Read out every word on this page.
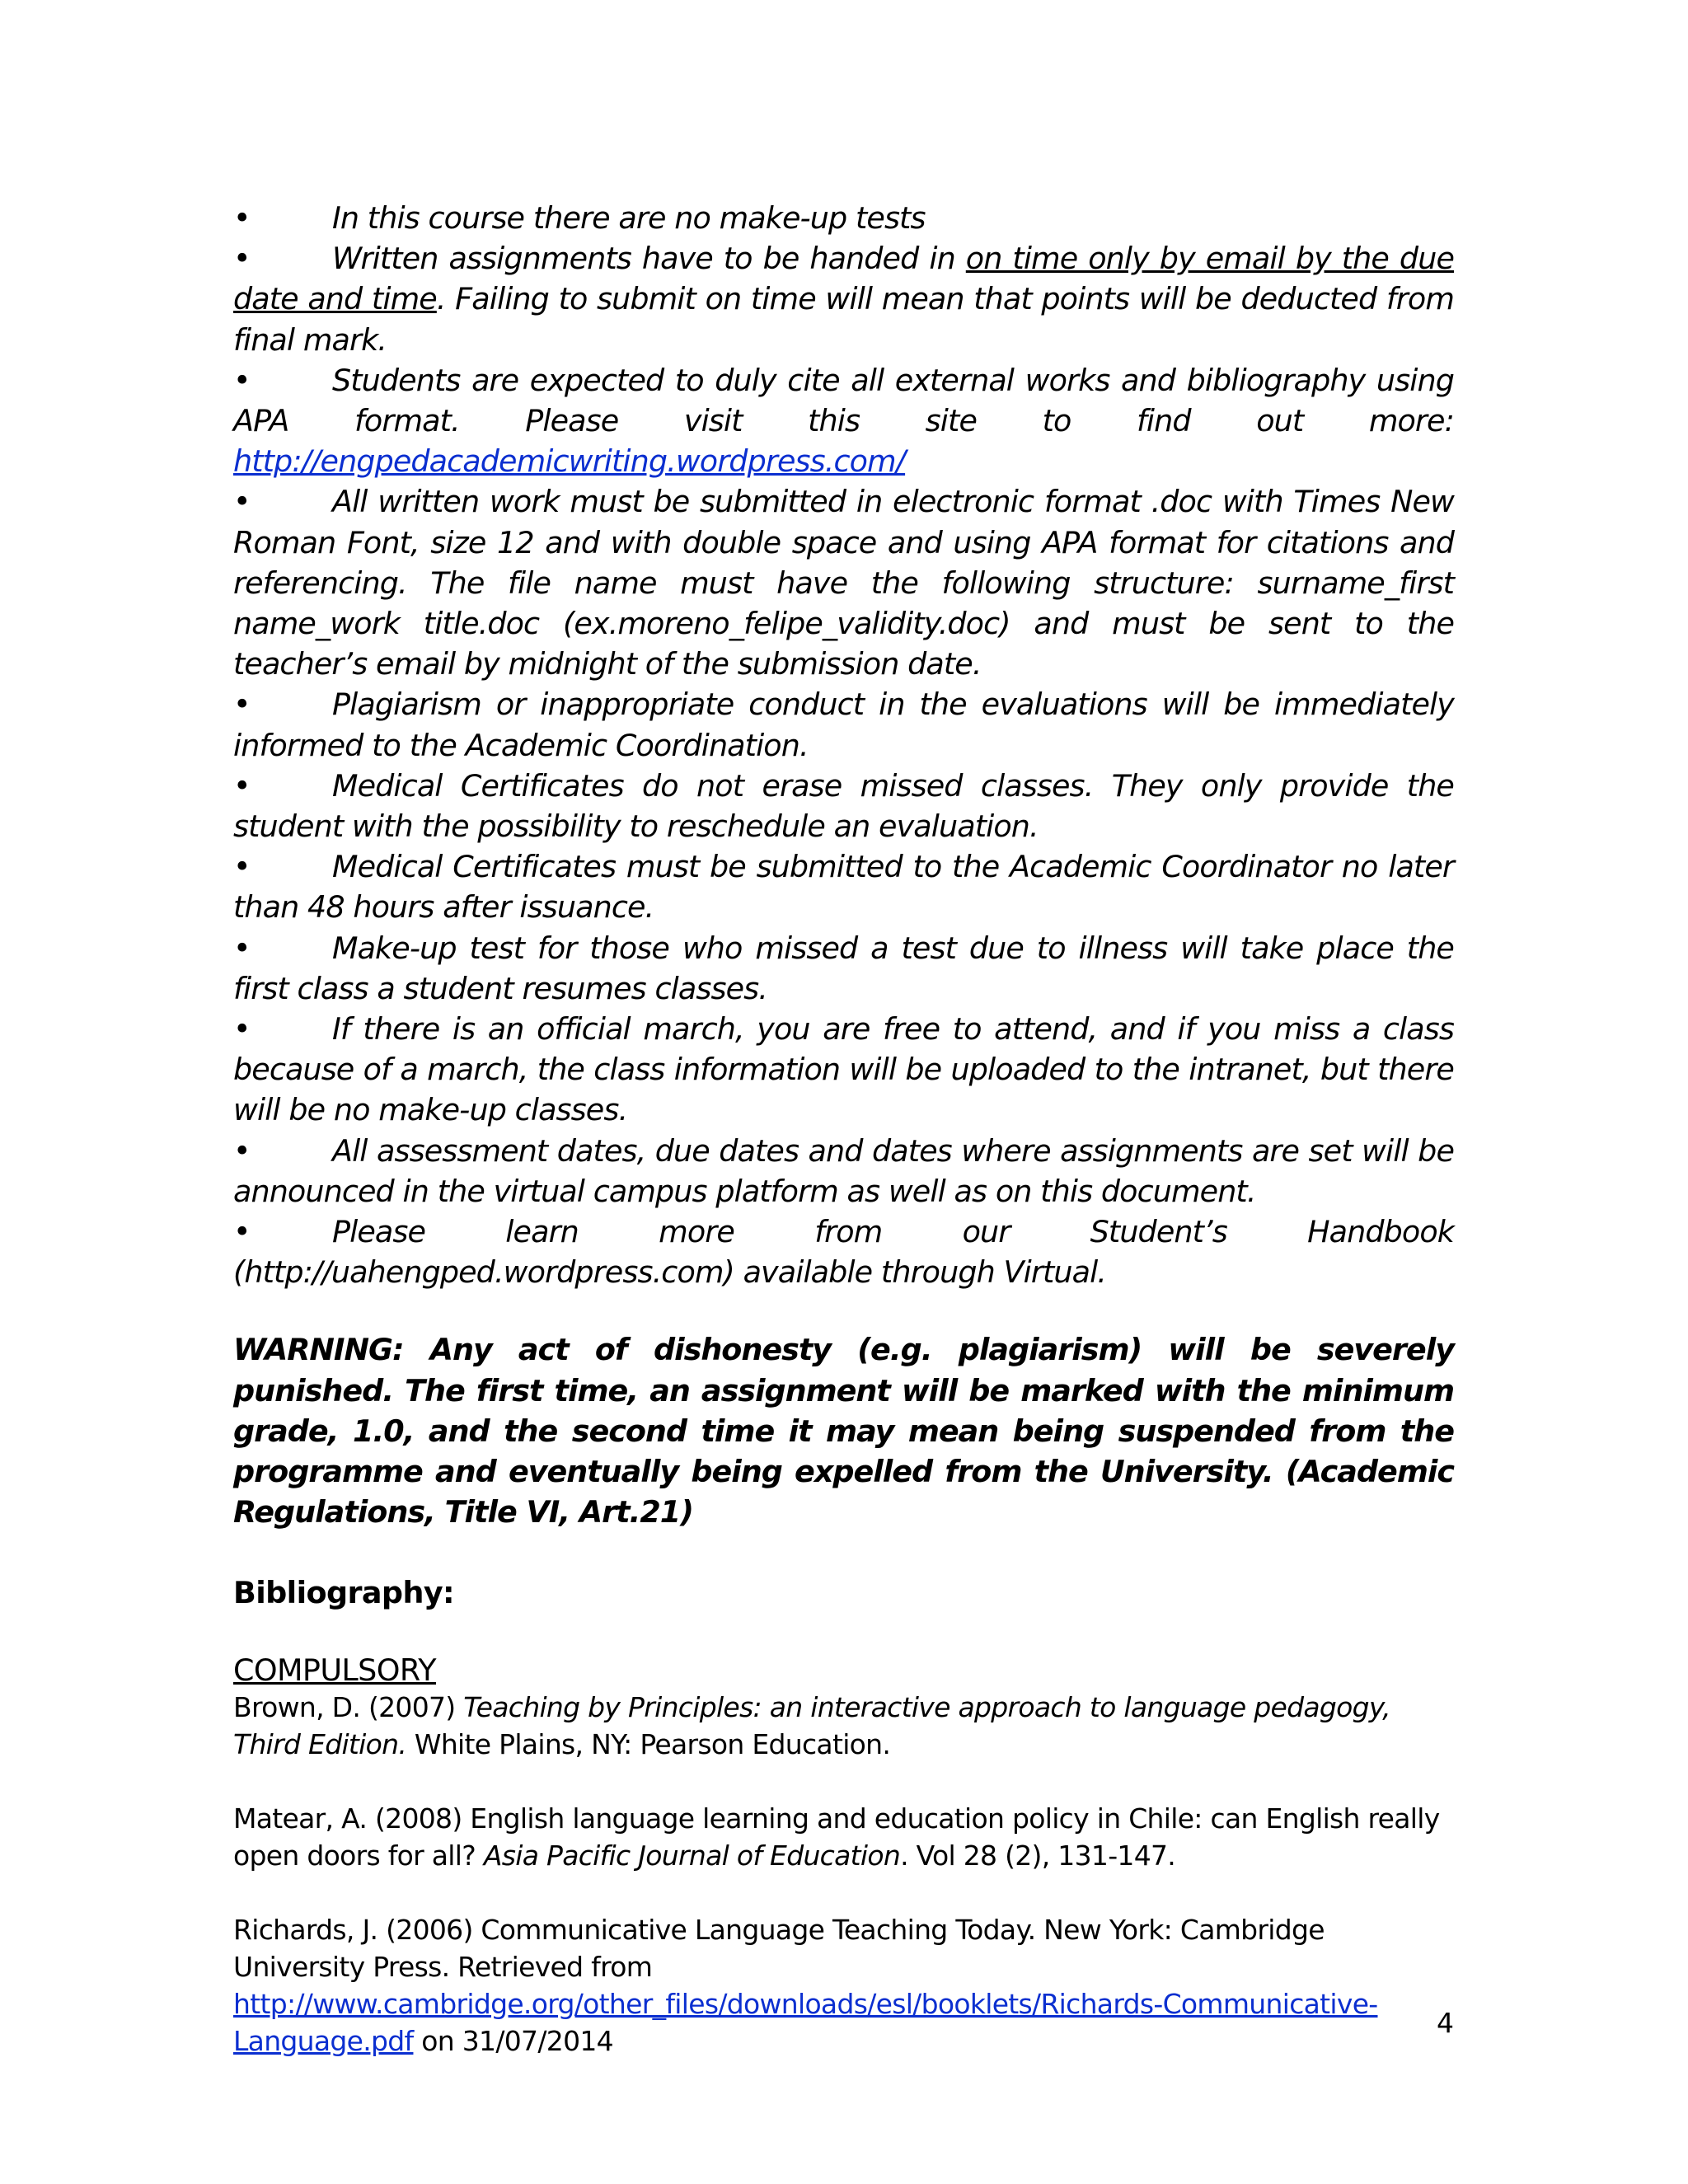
•	In this course there are no make-up tests

•	Written assignments have to be handed in on time only by email by the due date and time. Failing to submit on time will mean that points will be deducted from final mark.

•	Students are expected to duly cite all external works and bibliography using APA format. Please visit this site to find out more: http://engpedacademicwriting.wordpress.com/

•	All written work must be submitted in electronic format .doc with Times New Roman Font, size 12 and with double space and using APA format for citations and referencing. The file name must have the following structure: surname_first name_work title.doc (ex.moreno_felipe_validity.doc) and must be sent to the teacher’s email by midnight of the submission date.

•	Plagiarism or inappropriate conduct in the evaluations will be immediately informed to the Academic Coordination.

•	Medical Certificates do not erase missed classes. They only provide the student with the possibility to reschedule an evaluation.

•	Medical Certificates must be submitted to the Academic Coordinator no later than 48 hours after issuance.

•	Make-up test for those who missed a test due to illness will take place the first class a student resumes classes.

•	If there is an official march, you are free to attend, and if you miss a class because of a march, the class information will be uploaded to the intranet, but there will be no make-up classes.

•	All assessment dates, due dates and dates where assignments are set will be announced in the virtual campus platform as well as on this document.

•	Please learn more from our Student’s Handbook (http://uahengped.wordpress.com) available through Virtual.

WARNING: Any act of dishonesty (e.g. plagiarism) will be severely punished. The first time, an assignment will be marked with the minimum grade, 1.0, and the second time it may mean being suspended from the programme and eventually being expelled from the University. (Academic Regulations, Title VI, Art.21)

Bibliography:
COMPULSORY

Brown, D. (2007) Teaching by Principles: an interactive approach to language pedagogy, Third Edition. White Plains, NY: Pearson Education.

Matear, A. (2008) English language learning and education policy in Chile: can English really open doors for all? Asia Pacific Journal of Education. Vol 28 (2), 131-147.

Richards, J. (2006) Communicative Language Teaching Today. New York: Cambridge University Press. Retrieved from http://www.cambridge.org/other_files/downloads/esl/booklets/Richards-Communicative-Language.pdf on 31/07/2014

4
